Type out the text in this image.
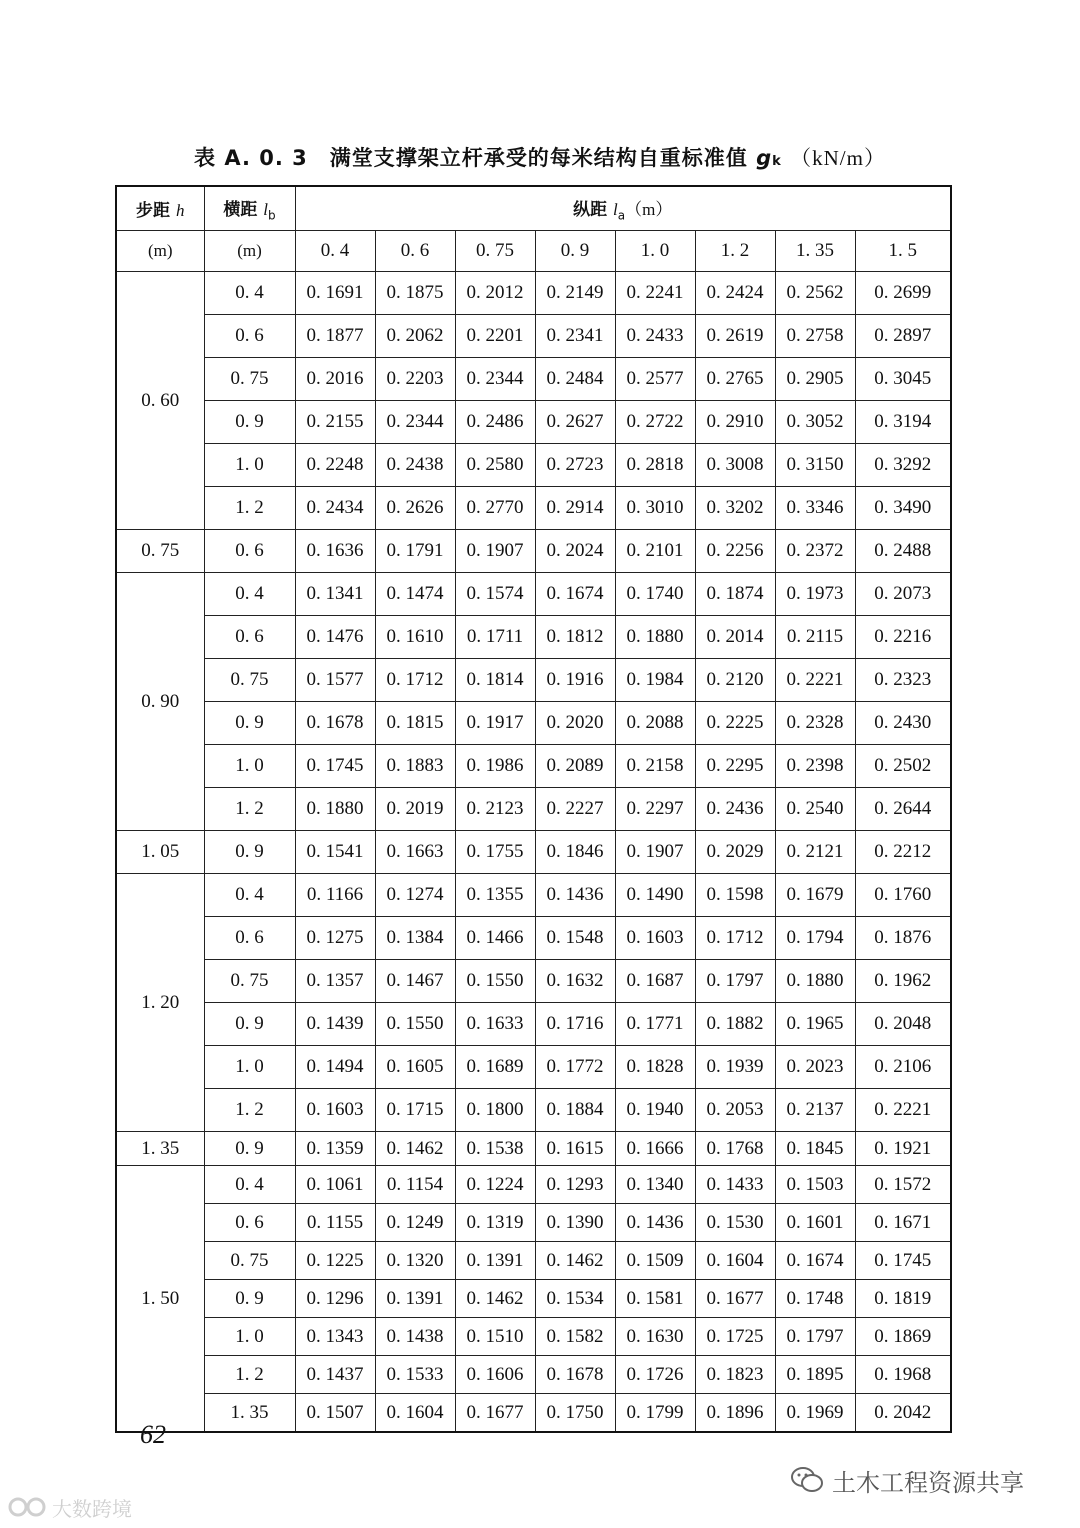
表 A. 0. 3 满堂支撑架立杆承受的每米结构自重标准值 gk （kN/m）
步距 h	横距 $l_b$	纵距 $l_a(m)$							
(m)	(m)	0. 4	0. 6	0. 75	0. 9	1. 0	1. 2	1. 35	1. 5
0. 60	0. 4	0. 1691	0. 1875	0. 2012	0. 2149	0. 2241	0. 2424	0. 2562	0. 2699
	0. 6	0. 1877	0. 2062	0. 2201	0. 2341	0. 2433	0. 2619	0. 2758	0. 2897
	0. 75	0. 2016	0. 2203	0. 2344	0. 2484	0. 2577	0. 2765	0. 2905	0. 3045
	0. 9	0. 2155	0. 2344	0. 2486	0. 2627	0. 2722	0. 2910	0. 3052	0. 3194
	1. 0	0. 2248	0. 2438	0. 2580	0. 2723	0. 2818	0. 3008	0. 3150	0. 3292
	1. 2	0. 2434	0. 2626	0. 2770	0. 2914	0. 3010	0. 3202	0. 3346	0. 3490
0. 75	0. 6	0. 1636	0. 1791	0. 1907	0. 2024	0. 2101	0. 2256	0. 2372	0. 2488
0. 90	0. 4	0. 1341	0. 1474	0. 1574	0. 1674	0. 1740	0. 1874	0. 1973	0. 2073
	0. 6	0. 1476	0. 1610	0. 1711	0. 1812	0. 1880	0. 2014	0. 2115	0. 2216
	0. 75	0. 1577	0. 1712	0. 1814	0. 1916	0. 1984	0. 2120	0. 2221	0. 2323
	0. 9	0. 1678	0. 1815	0. 1917	0. 2020	0. 2088	0. 2225	0. 2328	0. 2430
	1. 0	0. 1745	0. 1883	0. 1986	0. 2089	0. 2158	0. 2295	0. 2398	0. 2502
	1. 2	0. 1880	0. 2019	0. 2123	0. 2227	0. 2297	0. 2436	0. 2540	0. 2644
1. 05	0. 9	0. 1541	0. 1663	0. 1755	0. 1846	0. 1907	0. 2029	0. 2121	0. 2212
1. 20	0. 4	0. 1166	0. 1274	0. 1355	0. 1436	0. 1490	0. 1598	0. 1679	0. 1760
	0. 6	0. 1275	0. 1384	0. 1466	0. 1548	0. 1603	0. 1712	0. 1794	0. 1876
	0. 75	0. 1357	0. 1467	0. 1550	0. 1632	0. 1687	0. 1797	0. 1880	0. 1962
	0. 9	0. 1439	0. 1550	0. 1633	0. 1716	0. 1771	0. 1882	0. 1965	0. 2048
	1. 0	0. 1494	0. 1605	0. 1689	0. 1772	0. 1828	0. 1939	0. 2023	0. 2106
	1. 2	0. 1603	0. 1715	0. 1800	0. 1884	0. 1940	0. 2053	0. 2137	0. 2221
1. 35	0. 9	0. 1359	0. 1462	0. 1538	0. 1615	0. 1666	0. 1768	0. 1845	0. 1921
1. 50	0. 4	0. 1061	0. 1154	0. 1224	0. 1293	0. 1340	0. 1433	0. 1503	0. 1572
	0. 6	0. 1155	0. 1249	0. 1319	0. 1390	0. 1436	0. 1530	0. 1601	0. 1671
	0. 75	0. 1225	0. 1320	0. 1391	0. 1462	0. 1509	0. 1604	0. 1674	0. 1745
	0. 9	0. 1296	0. 1391	0. 1462	0. 1534	0. 1581	0. 1677	0. 1748	0. 1819
	1. 0	0. 1343	0. 1438	0. 1510	0. 1582	0. 1630	0. 1725	0. 1797	0. 1869
	1. 2	0. 1437	0. 1533	0. 1606	0. 1678	0. 1726	0. 1823	0. 1895	0. 1968
	1. 35	0. 1507	0. 1604	0. 1677	0. 1750	0. 1799	0. 1896	0. 1969	0. 2042
62
土木工程资源共享
大数跨境
